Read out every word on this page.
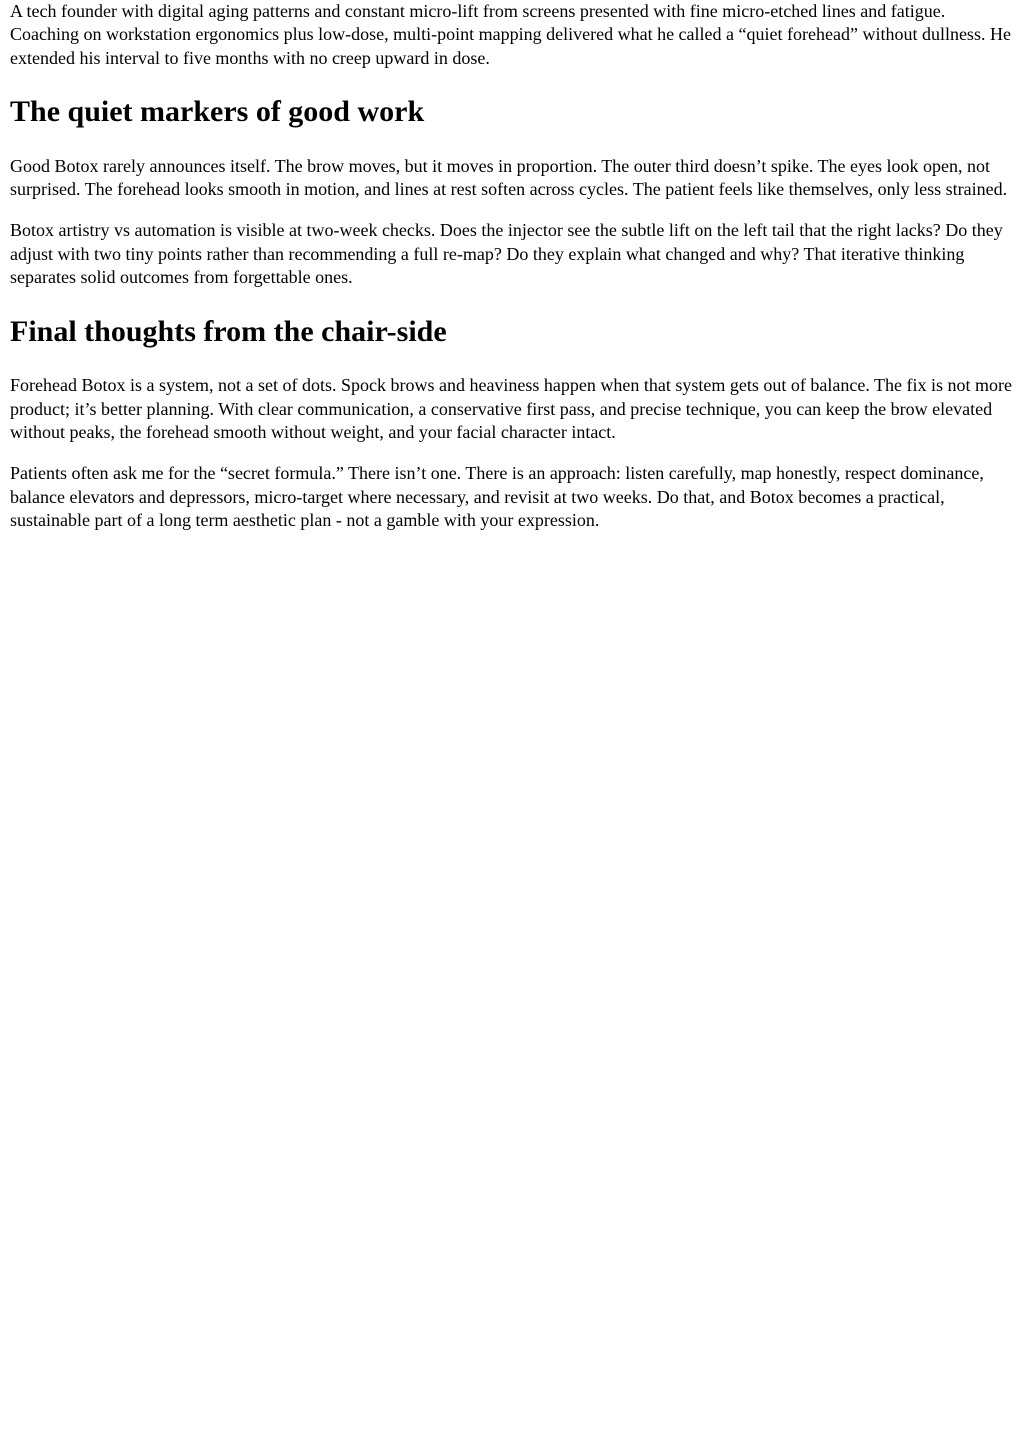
A tech founder with digital aging patterns and constant micro-lift from screens presented with fine micro-etched lines and fatigue. Coaching on workstation ergonomics plus low-dose, multi-point mapping delivered what he called a “quiet forehead” without dullness. He extended his interval to five months with no creep upward in dose.

The quiet markers of good work

Good Botox rarely announces itself. The brow moves, but it moves in proportion. The outer third doesn’t spike. The eyes look open, not surprised. The forehead looks smooth in motion, and lines at rest soften across cycles. The patient feels like themselves, only less strained.

Botox artistry vs automation is visible at two-week checks. Does the injector see the subtle lift on the left tail that the right lacks? Do they adjust with two tiny points rather than recommending a full re-map? Do they explain what changed and why? That iterative thinking separates solid outcomes from forgettable ones.

Final thoughts from the chair-side

Forehead Botox is a system, not a set of dots. Spock brows and heaviness happen when that system gets out of balance. The fix is not more product; it’s better planning. With clear communication, a conservative first pass, and precise technique, you can keep the brow elevated without peaks, the forehead smooth without weight, and your facial character intact.

Patients often ask me for the “secret formula.” There isn’t one. There is an approach: listen carefully, map honestly, respect dominance, balance elevators and depressors, micro-target where necessary, and revisit at two weeks. Do that, and Botox becomes a practical, sustainable part of a long term aesthetic plan - not a gamble with your expression.
